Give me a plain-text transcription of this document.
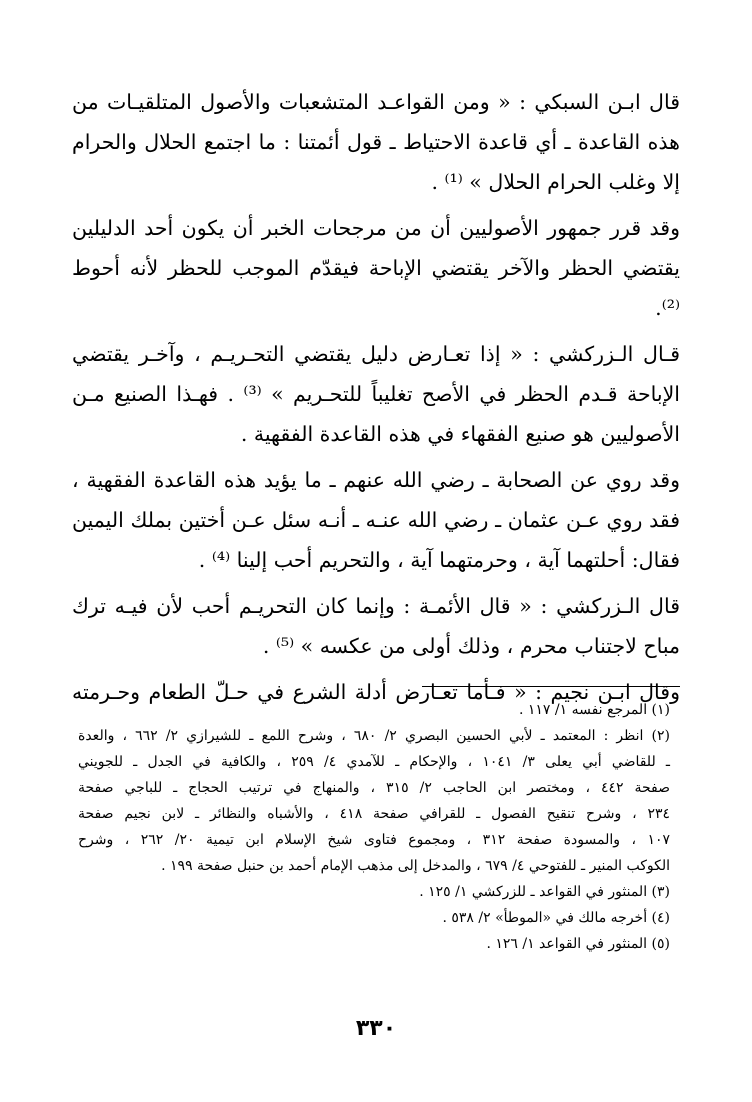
قال ابـن السبكي : « ومن القواعـد المتشعبات والأصول المتلقيـات من
هذه القاعدة ـ أي قاعدة الاحتياط ـ قول أئمتنا : ما اجتمع الحلال والحرام
إلا وغلب الحرام الحلال » ⁽¹⁾ .

وقد قرر جمهور الأصوليين أن من مرجحات الخبر أن يكون أحد الدليلين
يقتضي الحظر والآخر يقتضي الإباحة فيقدّم الموجب للحظر لأنه أحوط ⁽²⁾.

قـال الـزركشي : « إذا تعـارض دليل يقتضي التحـريـم ، وآخـر يقتضي
الإباحة قـدم الحظر في الأصح تغليباً للتحـريم » ⁽³⁾ . فهـذا الصنيع مـن
الأصوليين هو صنيع الفقهاء في هذه القاعدة الفقهية .

وقد روي عن الصحابة ـ رضي الله عنهم ـ ما يؤيد هذه القاعدة الفقهية ،
فقد روي عـن عثمان ـ رضي الله عنـه ـ أنـه سئل عـن أختين بملك اليمين
فقال: أحلتهما آية ، وحرمتهما آية ، والتحريم أحب إلينا ⁽⁴⁾ .

قال الـزركشي : « قال الأئمـة : وإنما كان التحريـم أحب لأن فيـه ترك
مباح لاجتناب محرم ، وذلك أولى من عكسه » ⁽⁵⁾ .

وقال ابـن نجيم : « فـأما تعـارض أدلة الشرع في حـلّ الطعام وحـرمته

(١) المرجع نفسه ١/ ١١٧ .

(٢) انظر : المعتمد ـ لأبي الحسين البصري ٢/ ٦٨٠ ، وشرح اللمع ـ للشيرازي ٢/ ٦٦٢ ، والعدة
ـ للقاضي أبي يعلى ٣/ ١٠٤١ ، والإحكام ـ للآمدي ٤/ ٢٥٩ ، والكافية في الجدل ـ للجويني
صفحة ٤٤٢ ، ومختصر ابن الحاجب ٢/ ٣١٥ ، والمنهاج في ترتيب الحجاج ـ للباجي صفحة
٢٣٤ ، وشرح تنقيح الفصول ـ للقرافي صفحة ٤١٨ ، والأشباه والنظائر ـ لابن نجيم صفحة
١٠٧ ، والمسودة صفحة ٣١٢ ، ومجموع فتاوى شيخ الإسلام ابن تيمية ٢٠/ ٢٦٢ ، وشرح
الكوكب المنير ـ للفتوحي ٤/ ٦٧٩ ، والمدخل إلى مذهب الإمام أحمد بن حنبل صفحة ١٩٩ .

(٣) المنثور في القواعد ـ للزركشي ١/ ١٢٥ .

(٤) أخرجه مالك في «الموطأ» ٢/ ٥٣٨ .

(٥) المنثور في القواعد ١/ ١٢٦ .

٣٣٠
